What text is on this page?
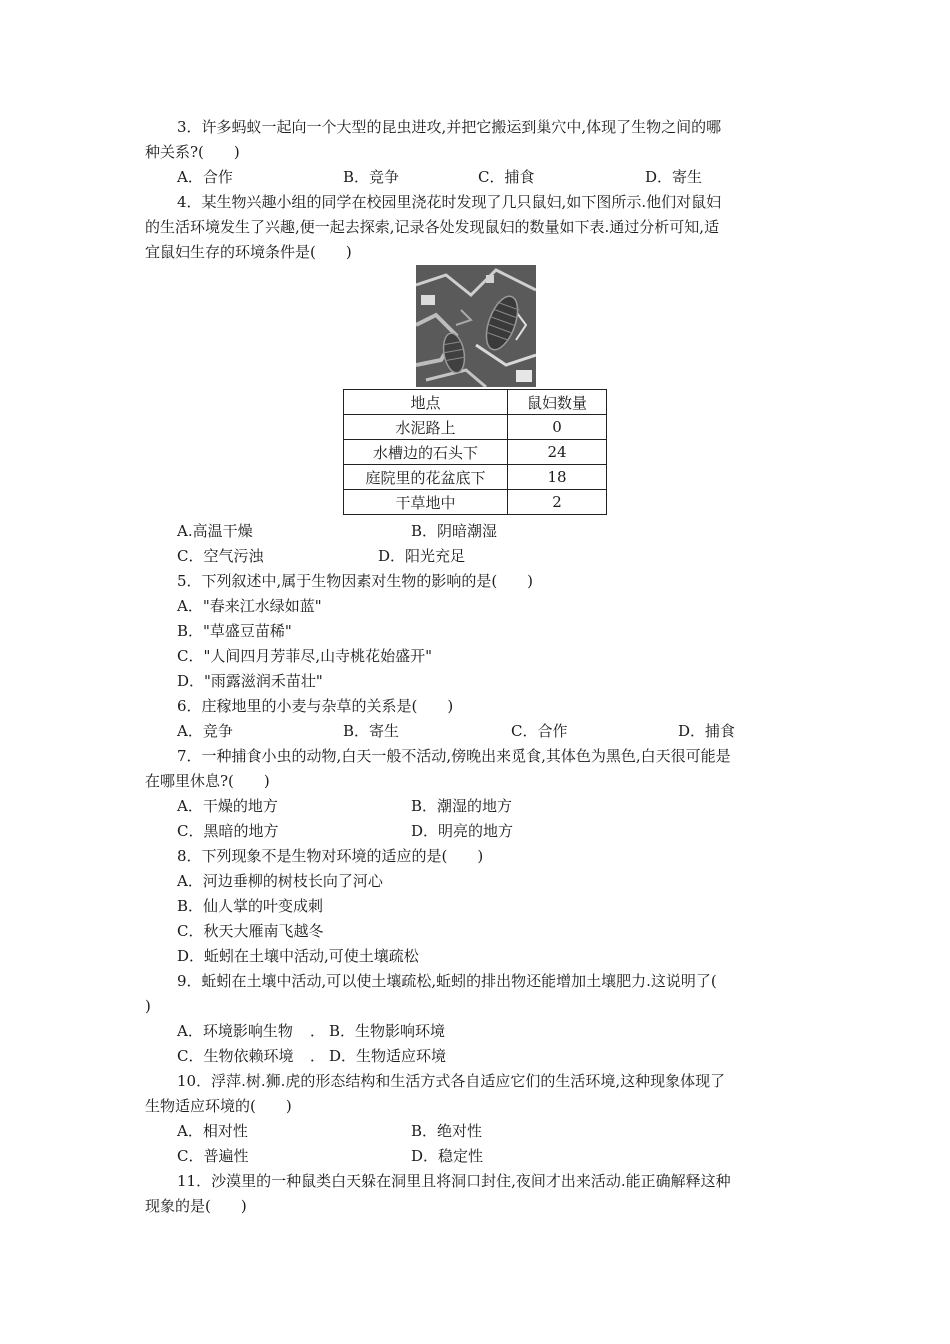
3．许多蚂蚁一起向一个大型的昆虫进攻,并把它搬运到巢穴中,体现了生物之间的哪
种关系?(　　)
A．合作	B．竞争	C．捕食	D．寄生
4．某生物兴趣小组的同学在校园里浇花时发现了几只鼠妇,如下图所示.他们对鼠妇
的生活环境发生了兴趣,便一起去探索,记录各处发现鼠妇的数量如下表.通过分析可知,适
宜鼠妇生存的环境条件是(　　)
地点	鼠妇数量
水泥路上	0
水槽边的石头下	24
庭院里的花盆底下	18
干草地中	2
A.高温干燥	B．阴暗潮湿
C．空气污浊	D．阳光充足
5．下列叙述中,属于生物因素对生物的影响的是(　　)
A．"春来江水绿如蓝"
B．"草盛豆苗稀"
C．"人间四月芳菲尽,山寺桃花始盛开"
D．"雨露滋润禾苗壮"
6．庄稼地里的小麦与杂草的关系是(　　)
A．竞争	B．寄生	C．合作	D．捕食
7．一种捕食小虫的动物,白天一般不活动,傍晚出来觅食,其体色为黑色,白天很可能是
在哪里休息?(　　)
A．干燥的地方	B．潮湿的地方
C．黑暗的地方	D．明亮的地方
8．下列现象不是生物对环境的适应的是(　　)
A．河边垂柳的树枝长向了河心
B．仙人掌的叶变成刺
C．秋天大雁南飞越冬
D．蚯蚓在土壤中活动,可使土壤疏松
9．蚯蚓在土壤中活动,可以使土壤疏松,蚯蚓的排出物还能增加土壤肥力.这说明了(
)
A．环境影响生物 ． B．生物影响环境
C．生物依赖环境 ． D．生物适应环境
10．浮萍.树.狮.虎的形态结构和生活方式各自适应它们的生活环境,这种现象体现了
生物适应环境的(　　)
A．相对性	B．绝对性
C．普遍性	D．稳定性
11．沙漠里的一种鼠类白天躲在洞里且将洞口封住,夜间才出来活动.能正确解释这种
现象的是(　　)
